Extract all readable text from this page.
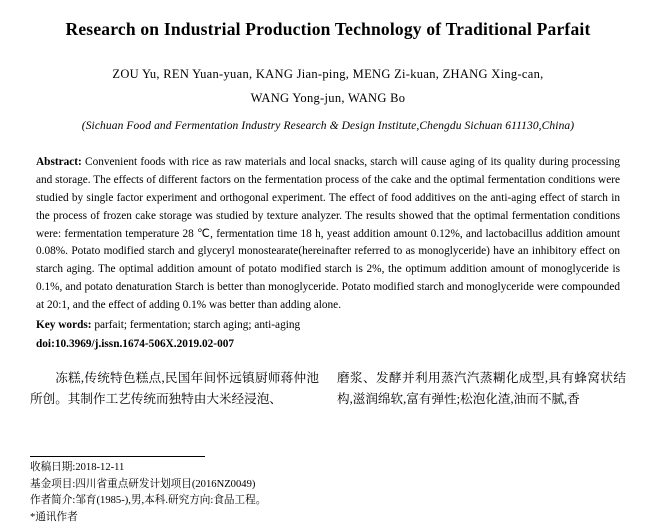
Research on Industrial Production Technology of Traditional Parfait
ZOU Yu, REN Yuan-yuan, KANG Jian-ping, MENG Zi-kuan, ZHANG Xing-can,
WANG Yong-jun, WANG Bo
(Sichuan Food and Fermentation Industry Research & Design Institute,Chengdu Sichuan 611130,China)
Abstract: Convenient foods with rice as raw materials and local snacks, starch will cause aging of its quality during processing and storage. The effects of different factors on the fermentation process of the cake and the optimal fermentation conditions were studied by single factor experiment and orthogonal experiment. The effect of food additives on the anti-aging effect of starch in the process of frozen cake storage was studied by texture analyzer. The results showed that the optimal fermentation conditions were: fermentation temperature 28 ℃, fermentation time 18 h, yeast addition amount 0.12%, and lactobacillus addition amount 0.08%. Potato modified starch and glyceryl monostearate(hereinafter referred to as monoglyceride) have an inhibitory effect on starch aging. The optimal addition amount of potato modified starch is 2%, the optimum addition amount of monoglyceride is 0.1%, and potato denaturation Starch is better than monoglyceride. Potato modified starch and monoglyceride were compounded at 20:1, and the effect of adding 0.1% was better than adding alone.
Key words: parfait; fermentation; starch aging; anti-aging
doi:10.3969/j.issn.1674-506X.2019.02-007

冻糕,传统特色糕点,民国年间怀远镇厨师蒋仲池所创。其制作工艺传统而独特由大米经浸泡、

磨浆、发酵并利用蒸汽汽蒸糊化成型,具有蜂窝状结构,滋润绵软,富有弹性;松泡化渣,油而不腻,香

收稿日期:2018-12-11
基金项目:四川省重点研发计划项目(2016NZ0049)
作者简介:邹育(1985-),男,本科.研究方向:食品工程。
*通讯作者
